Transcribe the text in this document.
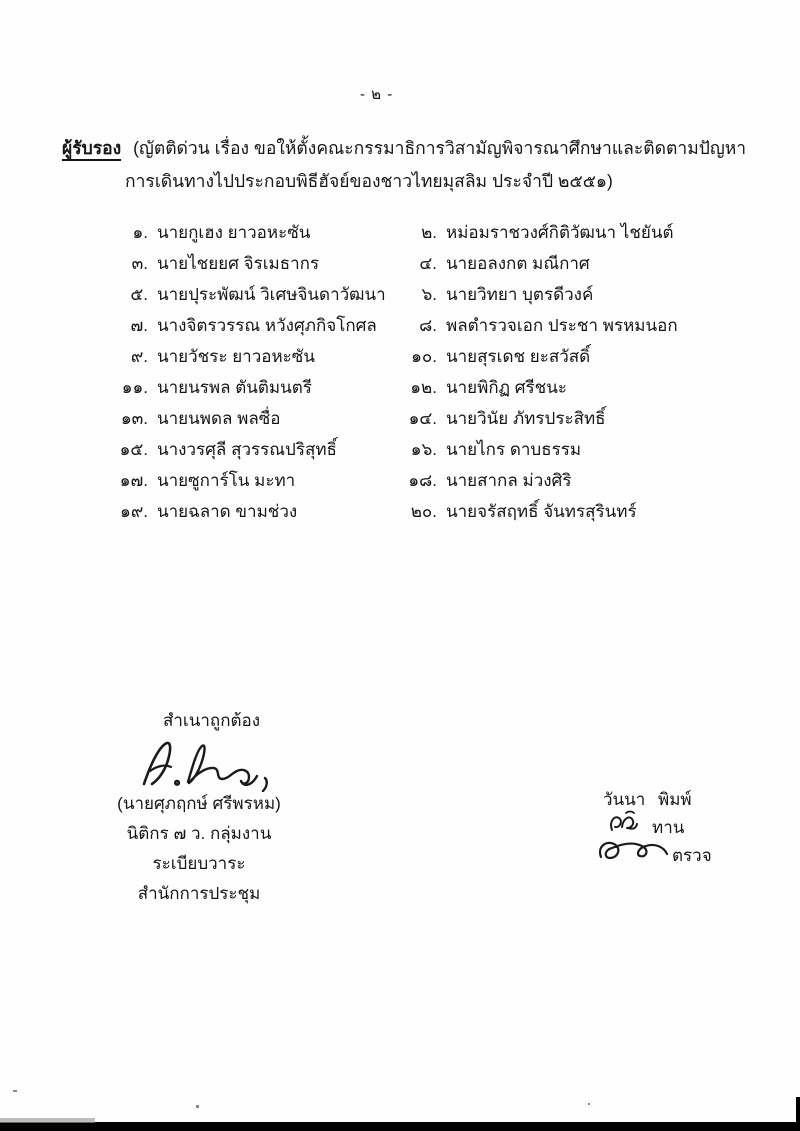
- ๒ -
ผู้รับรอง (ญัตติด่วน เรื่อง ขอให้ตั้งคณะกรรมาธิการวิสามัญพิจารณาศึกษาและติดตามปัญหา
การเดินทางไปประกอบพิธีฮัจย์ของชาวไทยมุสลิม ประจำปี ๒๕๕๑)
๑. นายกูเฮง ยาวอหะซัน
๓. นายไชยยศ จิรเมธากร
๕. นายปุระพัฒน์ วิเศษจินดาวัฒนา
๗. นางจิตรวรรณ หวังศุภกิจโกศล
๙. นายวัชระ ยาวอหะซัน
๑๑. นายนรพล ตันติมนตรี
๑๓. นายนพดล พลซื่อ
๑๕. นางวรศุลี สุวรรณปริสุทธิ์
๑๗. นายซูการ์โน มะทา
๑๙. นายฉลาด ขามช่วง
๒. หม่อมราชวงศ์กิติวัฒนา ไชยันต์
๔. นายอลงกต มณีกาศ
๖. นายวิทยา บุตรดีวงค์
๘. พลตำรวจเอก ประชา พรหมนอก
๑๐. นายสุรเดช ยะสวัสดิ์
๑๒. นายพิกิฏ ศรีชนะ
๑๔. นายวินัย ภัทรประสิทธิ์
๑๖. นายไกร ดาบธรรม
๑๘. นายสากล ม่วงศิริ
๒๐. นายจรัสฤทธิ์ จันทรสุรินทร์
สำเนาถูกต้อง
(นายศุภฤกษ์ ศรีพรหม)
นิติกร ๗ ว. กลุ่มงานระเบียบวาระ
สำนักการประชุม
วันนา พิมพ์
ทาน
ตรวจ
